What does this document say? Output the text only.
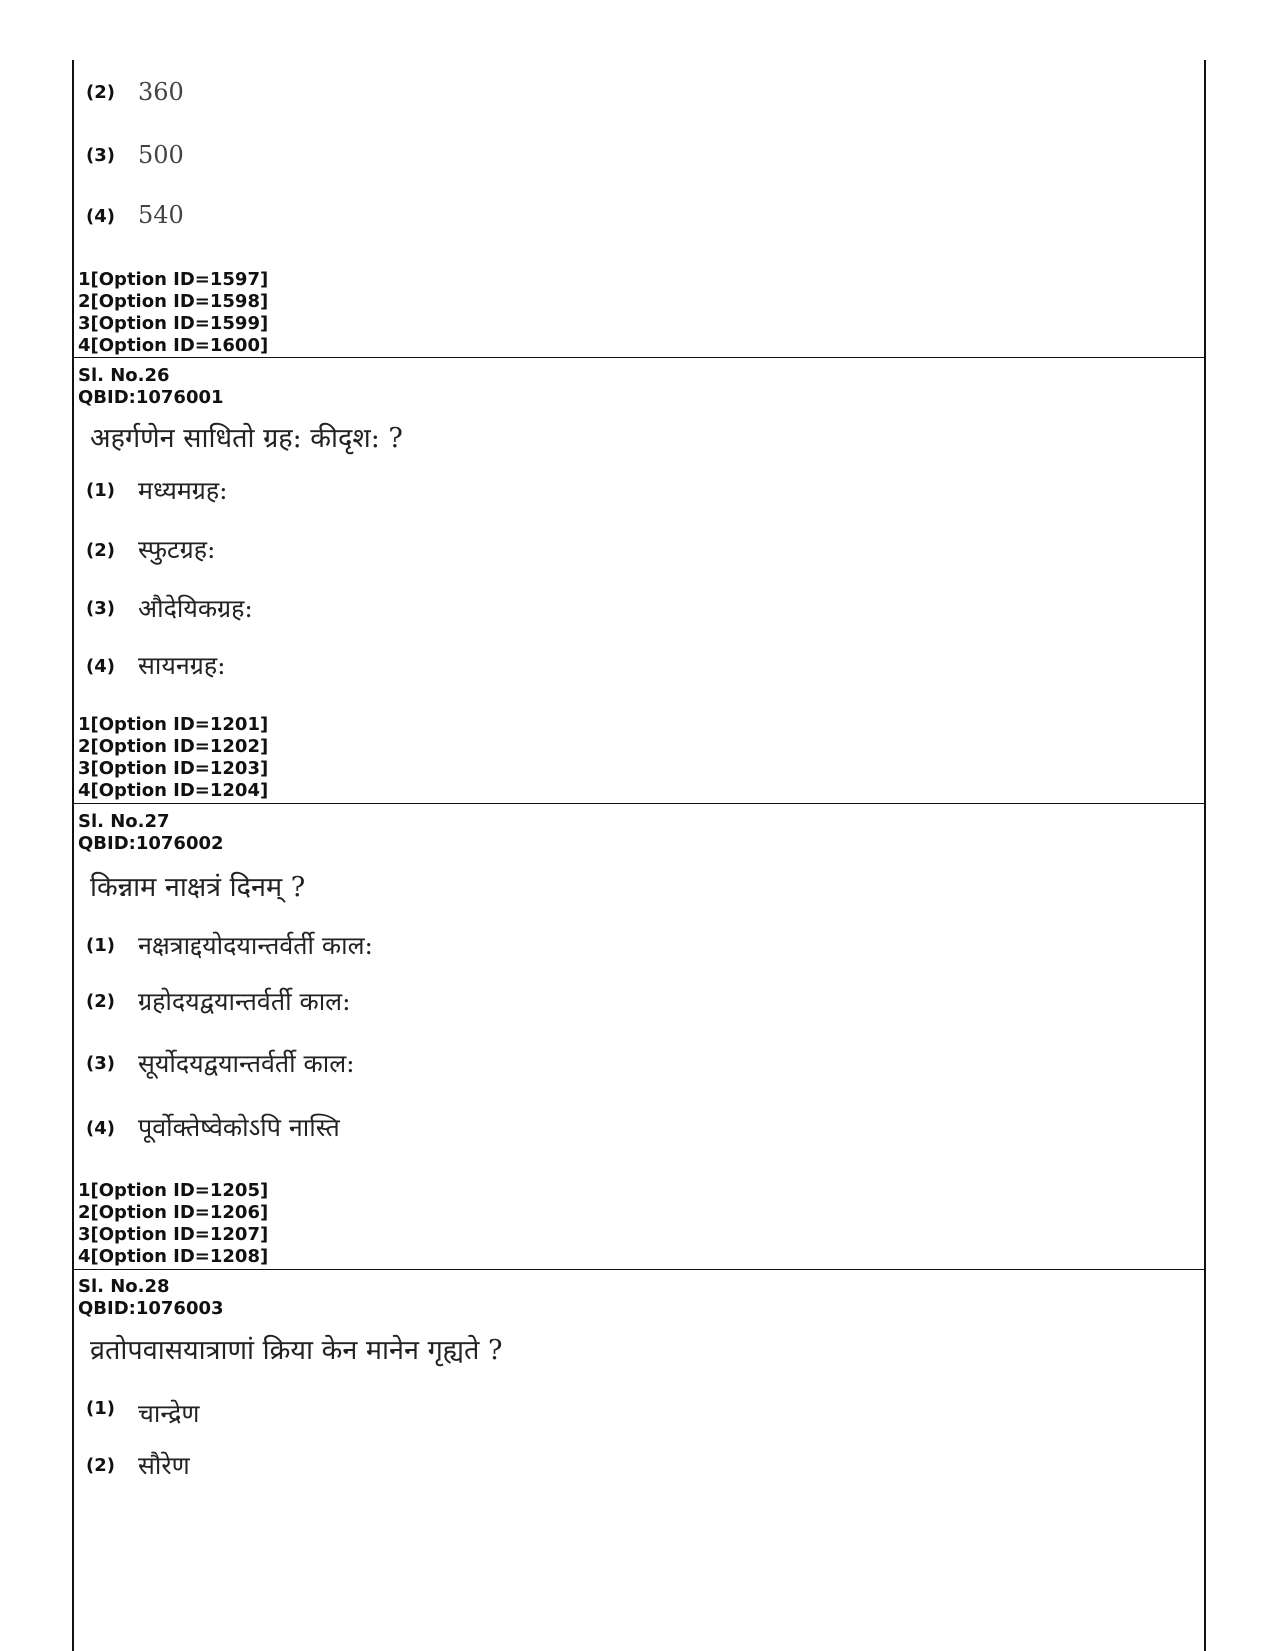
(2) 360
(3) 500
(4) 540
1[Option ID=1597]
2[Option ID=1598]
3[Option ID=1599]
4[Option ID=1600]
Sl. No.26
QBID:1076001
अहर्गणेन साधितो ग्रह: कीदृश: ?
(1) मध्यमग्रह:
(2) स्फुटग्रह:
(3) औदेयिकग्रह:
(4) सायनग्रह:
1[Option ID=1201]
2[Option ID=1202]
3[Option ID=1203]
4[Option ID=1204]
Sl. No.27
QBID:1076002
किन्नाम नाक्षत्रं दिनम् ?
(1) नक्षत्राद्दयोदयान्तर्वर्ती काल:
(2) ग्रहोदयद्वयान्तर्वर्ती काल:
(3) सूर्योदयद्वयान्तर्वर्ती काल:
(4) पूर्वोक्तेष्वेकोऽपि नास्ति
1[Option ID=1205]
2[Option ID=1206]
3[Option ID=1207]
4[Option ID=1208]
Sl. No.28
QBID:1076003
व्रतोपवासयात्राणां क्रिया केन मानेन गृह्यते ?
(1) चान्द्रेण
(2) सौरेण
